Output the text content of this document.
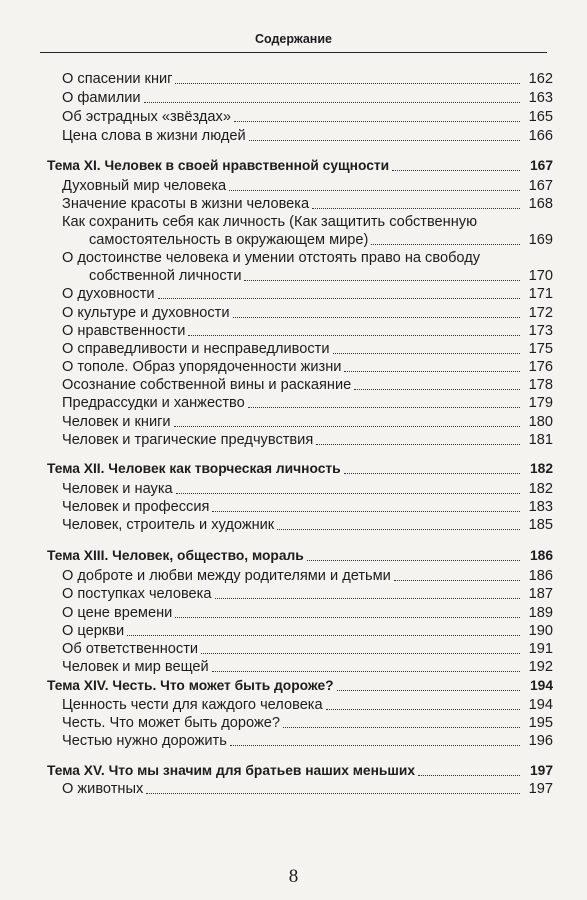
Содержание
О спасении книг	162
О фамилии	163
Об эстрадных «звёздах»	165
Цена слова в жизни людей	166
Тема XI. Человек в своей нравственной сущности	167
Духовный мир человека	167
Значение красоты в жизни человека	168
Как сохранить себя как личность (Как защитить собственную
самостоятельность в окружающем мире)	169
О достоинстве человека и умении отстоять право на свободу
собственной личности	170
О духовности	171
О культуре и духовности	172
О нравственности	173
О справедливости и несправедливости	175
О тополе. Образ упорядоченности жизни	176
Осознание собственной вины и раскаяние	178
Предрассудки и ханжество	179
Человек и книги	180
Человек и трагические предчувствия	181
Тема XII. Человек как творческая личность	182
Человек и наука	182
Человек и профессия	183
Человек, строитель и художник	185
Тема XIII. Человек, общество, мораль	186
О доброте и любви между родителями и детьми	186
О поступках человека	187
О цене времени	189
О церкви	190
Об ответственности	191
Человек и мир вещей	192
Тема XIV. Честь. Что может быть дороже?	194
Ценность чести для каждого человека	194
Честь. Что может быть дороже?	195
Честью нужно дорожить	196
Тема XV. Что мы значим для братьев наших меньших	197
О животных	197
8
